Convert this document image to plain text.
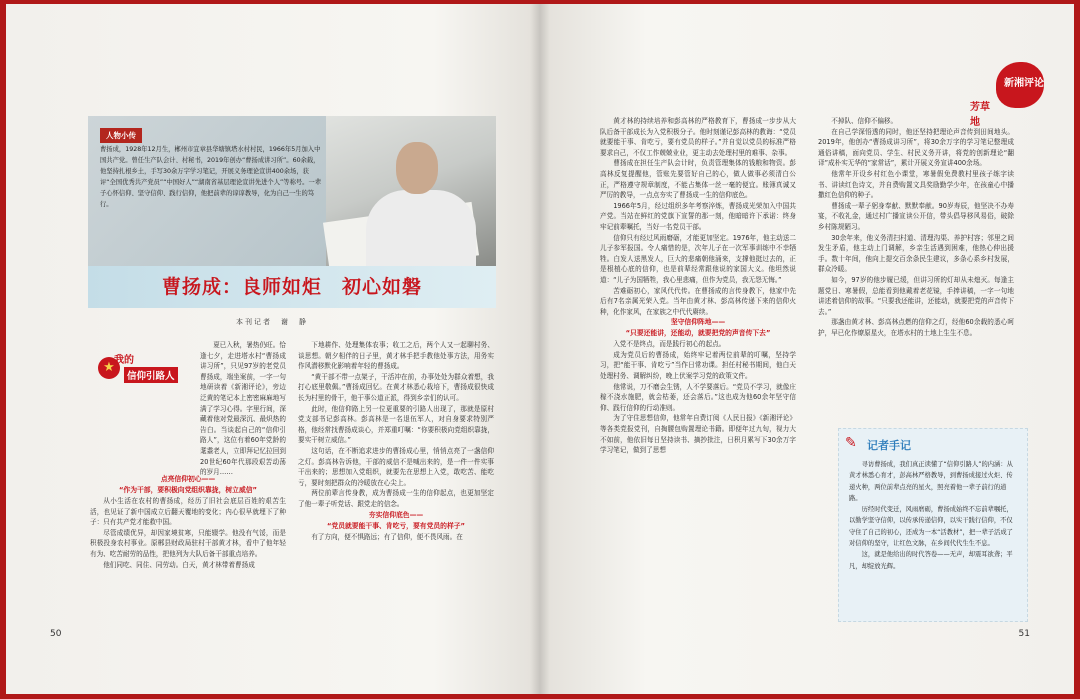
人物小传
曹扬成，1928年12月生，郴州市宜章县华塘镇塔水村村民，1966年5月加入中国共产党。曾任生产队会计、村秘书，2019年创办“曹扬成讲习所”。60余载，他坚持扎根乡土，手写30余万字学习笔记，开展义务理论宣讲400余场，获评“全国优秀共产党员”“中国好人”“湖南省基层理论宣讲先进个人”等称号。一辈子心怀信仰、坚守信仰、践行信仰，他把前辈的谆谆教导，化为自己一生的笃行。
曹扬成：良师如炬　初心如磐
本刊记者　谢　静
★ 我的
信仰引路人

夏已入秋，暑热仍旺。恰逢七夕，走进塔水村“曹扬成讲习所”，只见97岁的老党员曹扬成，端坐案前，一字一句地研读着《新湘评论》，旁边泛黄的笔记本上密密麻麻地写满了学习心得。字里行间，深藏着他对党最深沉、最炽热的告白。当谈起自己的“信仰引路人”，这位有着60年党龄的耄耋老人，立即拜记忆拉回到20世纪60年代那段艰苦动荡的岁月……

点亮信仰初心——

“作为干部，要积极向党组织靠拢，树立威信”

从小生活在农村的曹扬成，经历了旧社会底层百姓的艰苦生活，也见证了新中国成立后翻天覆地的变化；内心很早就埋下了种子：只有共产党才能救中国。

尽管成绩优异，却因家境贫寒，只能辍学。他没有气馁，而是积极投身农村事业。原郴县财政局驻村干部黄才林，看中了他年轻有为、吃苦耐劳的品性，把他列为大队后备干部重点培养。

他们同吃、同住、同劳动。白天，黄才林带着曹扬成

下地耕作、处理集体农事；收工之后，两个人又一起聊村务、谈思想。朝夕相伴的日子里，黄才林手把手教他处事方法，用务实作风潜移默化影响着年轻的曹扬成。

“黄干部不带一点架子，干活冲在前，办事处处为群众着想，我打心底里敬佩。”曹扬成回忆。在黄才林悉心栽培下，曹扬成很快成长为村里的骨干，他干事公道正派，得到乡亲们的认可。

此时，他信仰路上另一位更重要的引路人出现了，那就是原村党支部书记彭高林。彭高林是一名退伍军人，对自身要求特别严格，他经常找曹扬成谈心，并郑重叮嘱：“你要积极向党组织靠拢，要实干树立威信。”

这句话，在不断追求进步的曹扬成心里，悄悄点亮了一盏信仰之灯。彭高林告诉他，干部的威信不是喊出来的，是一件一件实事干出来的；思想加入党组织，就要先在思想上入党，敢吃苦、能吃亏，要时刻把群众的冷暖放在心尖上。

两位前辈言传身教，成为曹扬成一生的信仰起点，也更加坚定了他一辈子听党话、跟党走的信念。

夯实信仰底色——

“党员就要能干事、肯吃亏，要有党员的样子”

有了方向，便不惧路远；有了信仰，便不畏风雨。在

50

黄才林的持续培养和彭高林的严格教育下，曹扬成一步步从大队后备干部成长为入党积极分子。他时刻谨记彭高林的教诲：“党员就要能干事、肯吃亏，要有党员的样子。”并自觉以党员的标准严格要求自己，不仅工作兢兢业业，更主动去处理村里的难事、杂事。

曹扬成在担任生产队会计时，负责管理集体的钱粮和物资。彭高林反复提醒他，管账先要管好自己的心，做人做事必须清白公正，严格遵守规章制度，不能占集体一丝一毫的便宜。账簿真诚又严厉的教导，一点点夯实了曹扬成一生的信仰底色。

1966年5月，经过组织多年考察淬炼，曹扬成光荣加入中国共产党。当站在鲜红的党旗下宣誓的那一刻，他暗暗许下承诺：终身牢记前辈嘱托，当好一名党员干部。

信仰只有经过风雨磨砺，才能更加坚定。1976年，他主动送二儿子参军报国。令人痛惜的是，次年儿子在一次军事训练中不幸牺牲。白发人送黑发人，巨大的悲痛朝他涌来，支撑他挺过去的，正是根植心底的信仰，也是前辈经常跟他说的家国大义。他坦然说道：“儿子为国牺牲，我心里悲痛，但作为党员，我无怨无悔。”

苦难砺初心，家风代代传。在曹扬成的言传身教下，他家中先后有7名亲属光荣入党。当年由黄才林、彭高林传递下来的信仰火种，化作家风，在家族之中代代赓续。

坚守信仰阵地——

“只要还能讲，还能动，就要把党的声音传下去”

入党不是终点，而是践行初心的起点。

成为党员后的曹扬成，始终牢记着两位前辈的叮嘱，坚持学习，把“能干事、肯吃亏”当作日常功课。担任村秘书期间，他白天处理村务、调解纠纷，晚上伏案学习党的政策文件。

他常说，刀不磨会生锈，人不学要落后。“党员不学习，就像庄稼不浇水施肥，就会枯萎，还会落后。”这也成为他60余年坚守信仰、践行信仰的行动准则。

为了守住思想信仰，他常年自费订阅《人民日报》《新湘评论》等各类党报党刊，自掏腰包购置理论书籍。即便年过九旬，视力大不如前，他依旧每日坚持读书、摘抄批注，日积月累写下30余万字学习笔记，做到了思想

不掉队、信仰不偏移。

在自己学深悟透的同时，他还坚持把理论声音传到田间地头。2019年，他创办“曹扬成讲习所”，将30余万字的学习笔记整理成通俗讲稿，面向党员、学生、村民义务开讲，将党的创新理论“翻译”成朴实无华的“家常话”，累计开展义务宣讲400余场。

他常年开设乡村红色小课堂，寒暑假免费教村里孩子练字读书、讲读红色诗文，并自费购置文具奖励勤学少年，在孩童心中播撒红色信仰的种子。

曹扬成一辈子躬身奉献、默默奉献。90岁寿辰，他坚决不办寿宴，不收礼金，通过村广播宣读公开信，带头倡导移风易俗，破除乡村陈规陋习。

30余年来，他义务清扫村道、清理沟渠、养护村容；邻里之间发生矛盾，他主动上门调解，乡亲生活遇到困难，他热心伸出援手。数十年间，他向上提交百余条民生建议，多条心系乡村发展，群众冷暖。

如今，97岁的他步履已缓，但讲习所的灯却从未熄灭。每逢主题党日、寒暑假，总能看到他戴着老花镜，手捧讲稿，一字一句地讲述着信仰的故事。“只要我还能讲，还能动，就要把党的声音传下去。”

那盏由黄才林、彭高林点燃的信仰之灯，经他60余载的悉心呵护，早已化作燎原星火，在塔水村的土地上生生不息。

51
新湘评论
芳草地
✎ 记者手记

寻访曹扬成，我们真正读懂了“信仰引路人”的内涵：从黄才林悉心育才，彭高林严格教导，到曹扬成接过火炬、传递火种，两位前辈点亮的星火，照亮着他一辈子前行的道路。

历经时代变迁，风雨磨砺，曹扬成始终不忘前辈嘱托，以勤学坚守信仰，以传承传递信仰，以实干践行信仰，不仅守住了自己的初心，还成为一本“活教材”，把一辈子活成了对信仰的坚守，让红色文脉，在乡间代代生生不息。

这，就是他给出的时代答卷——无声，却震耳欲聋；平凡，却绽放光辉。
